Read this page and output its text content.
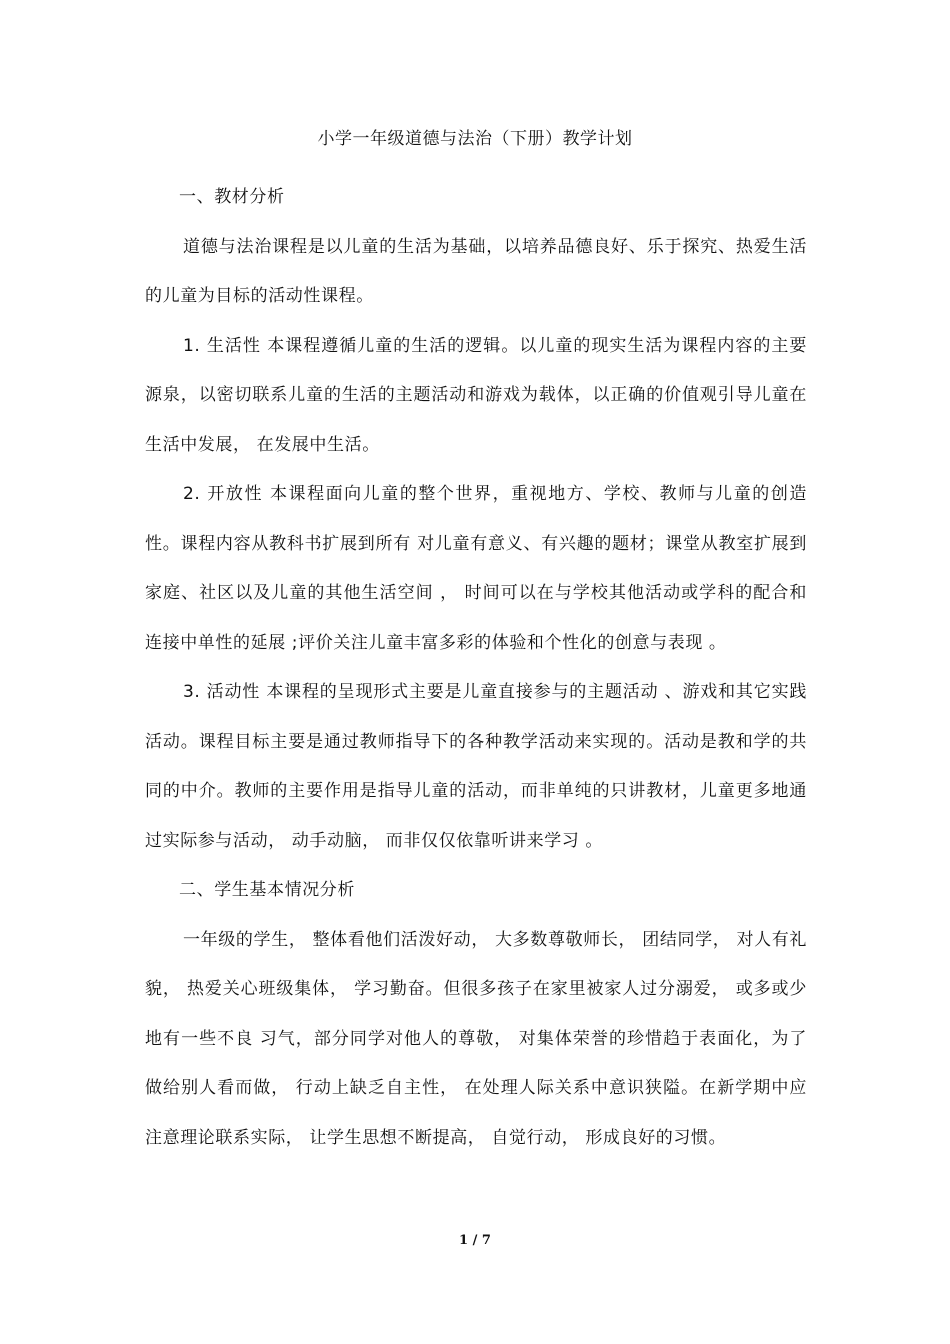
小学一年级道德与法治（下册）教学计划

一、教材分析

道德与法治课程是以儿童的生活为基础，以培养品德良好、乐于探究、热爱生活的儿童为目标的活动性课程。

1. 生活性 本课程遵循儿童的生活的逻辑。以儿童的现实生活为课程内容的主要源泉，以密切联系儿童的生活的主题活动和游戏为载体，以正确的价值观引导儿童在生活中发展， 在发展中生活。

2. 开放性 本课程面向儿童的整个世界，重视地方、学校、教师与儿童的创造性。课程内容从教科书扩展到所有 对儿童有意义、有兴趣的题材；课堂从教室扩展到家庭、社区以及儿童的其他生活空间 ， 时间可以在与学校其他活动或学科的配合和连接中单性的延展 ;评价关注儿童丰富多彩的体验和个性化的创意与表现 。

3. 活动性 本课程的呈现形式主要是儿童直接参与的主题活动 、游戏和其它实践活动。课程目标主要是通过教师指导下的各种教学活动来实现的。活动是教和学的共同的中介。教师的主要作用是指导儿童的活动，而非单纯的只讲教材，儿童更多地通过实际参与活动， 动手动脑， 而非仅仅依靠听讲来学习 。

二、学生基本情况分析

一年级的学生， 整体看他们活泼好动， 大多数尊敬师长， 团结同学， 对人有礼貌， 热爱关心班级集体， 学习勤奋。但很多孩子在家里被家人过分溺爱， 或多或少地有一些不良 习气，部分同学对他人的尊敬， 对集体荣誉的珍惜趋于表面化，为了做给别人看而做， 行动上缺乏自主性， 在处理人际关系中意识狭隘。在新学期中应注意理论联系实际， 让学生思想不断提高， 自觉行动， 形成良好的习惯。

1 / 7
